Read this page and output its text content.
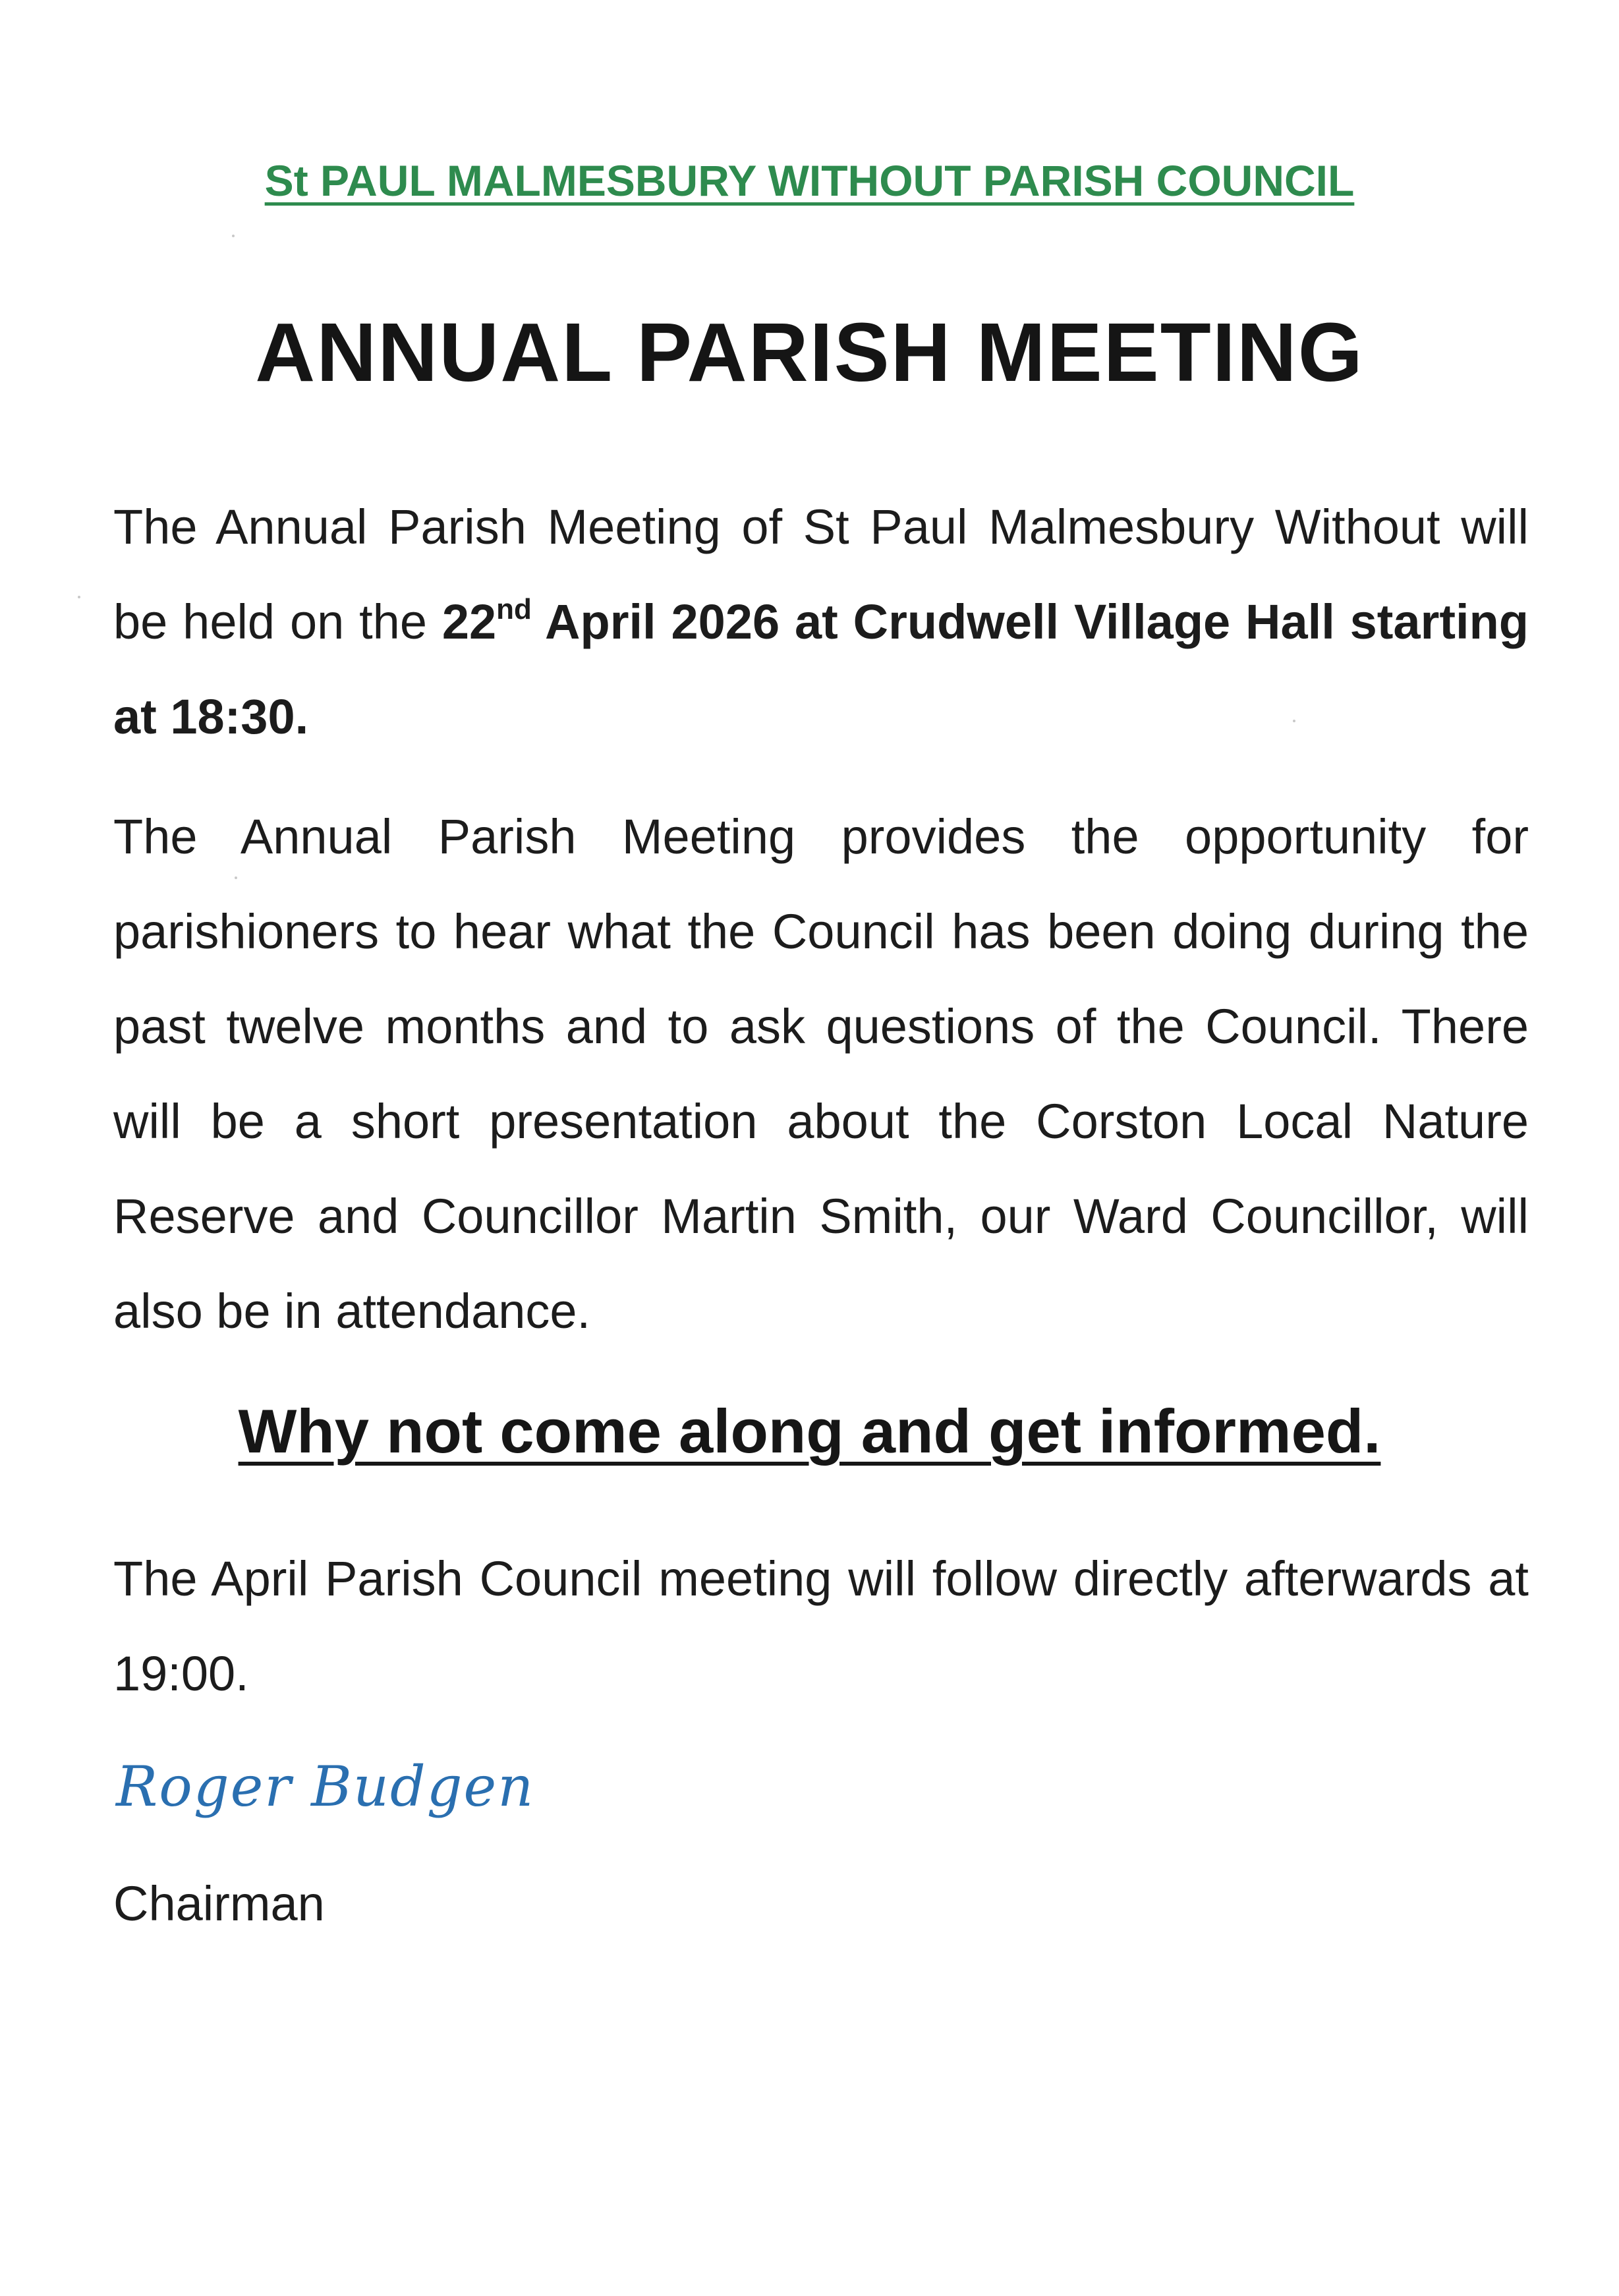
St PAUL MALMESBURY WITHOUT PARISH COUNCIL
ANNUAL PARISH MEETING
The Annual Parish Meeting of St Paul Malmesbury Without will be held on the 22nd April 2026 at Crudwell Village Hall starting at 18:30.
The Annual Parish Meeting provides the opportunity for parishioners to hear what the Council has been doing during the past twelve months and to ask questions of the Council. There will be a short presentation about the Corston Local Nature Reserve and Councillor Martin Smith, our Ward Councillor, will also be in attendance.
Why not come along and get informed.
The April Parish Council meeting will follow directly afterwards at 19:00.
Roger Budgen
Chairman
